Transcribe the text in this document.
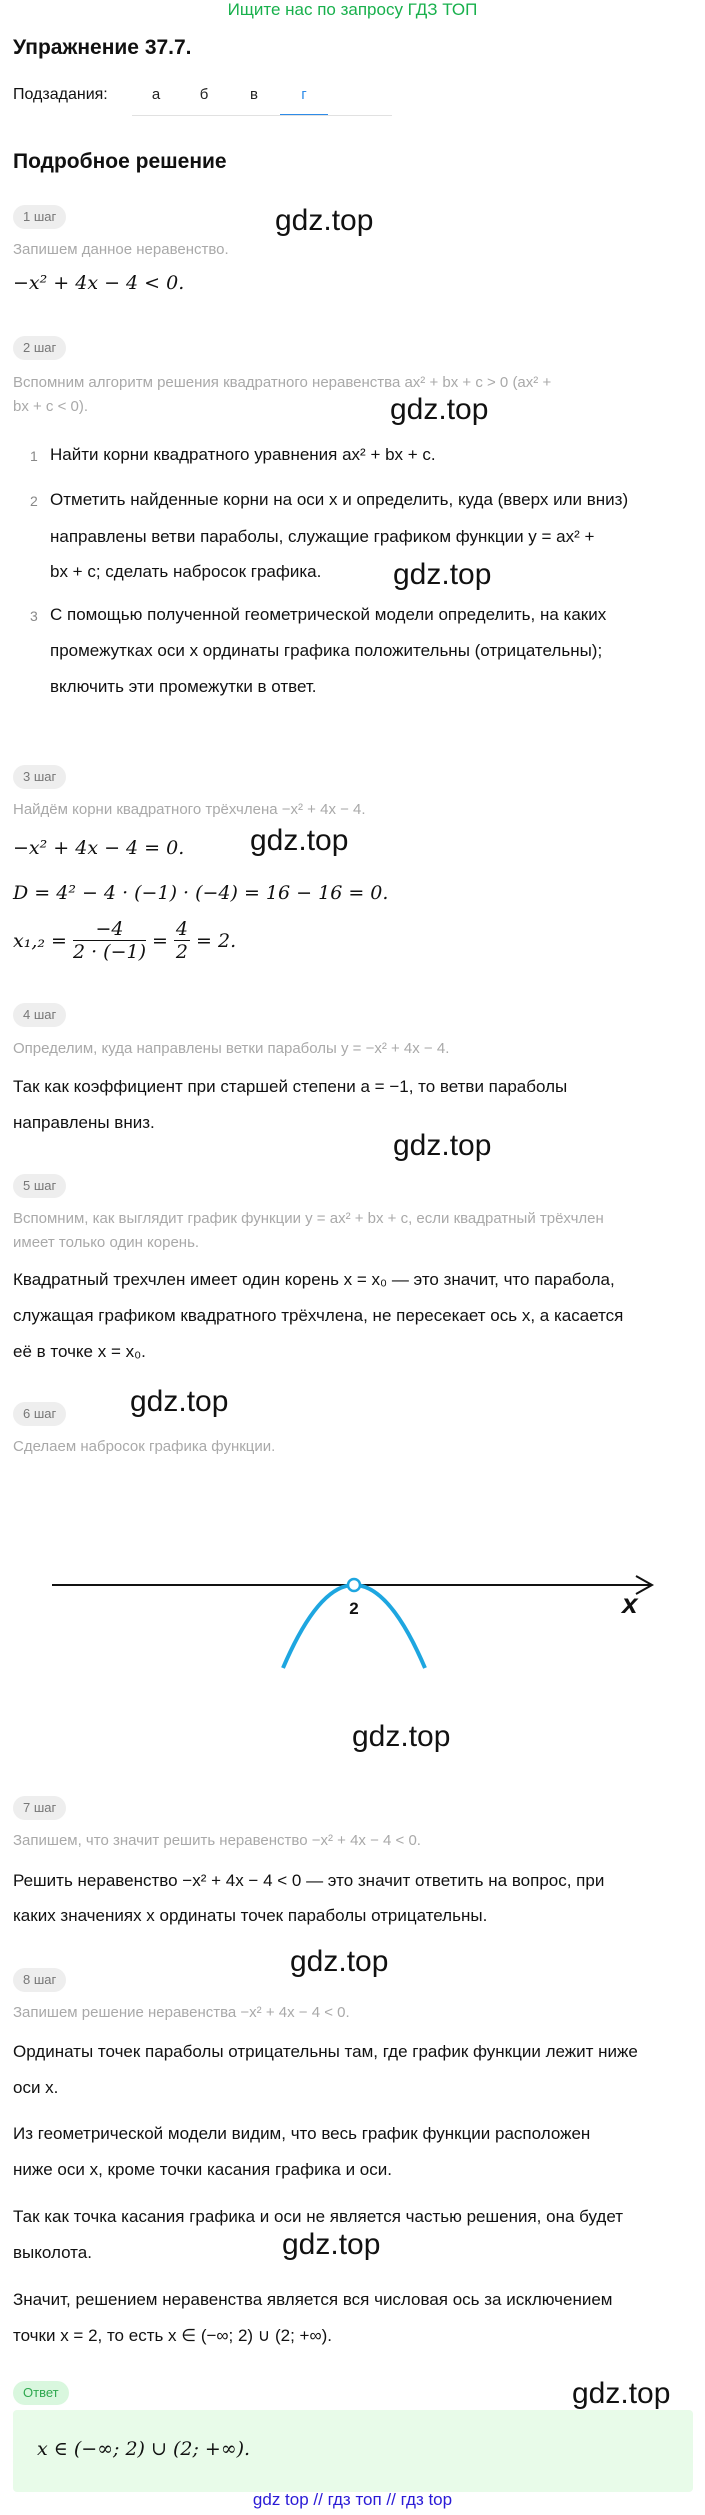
Ищите нас по запросу ГДЗ ТОП
Упражнение 37.7.
Подзадания:	а	б	в	г
Подробное решение
1 шаг	gdz.top
Запишем данное неравенство.
−x² + 4x − 4 < 0.
2 шаг
Вспомним алгоритм решения квадратного неравенства ax² + bx + c > 0 (ax² +
bx + c < 0).	gdz.top
1 Найти корни квадратного уравнения ax² + bx + c.
2 Отметить найденные корни на оси x и определить, куда (вверх или вниз)
направлены ветви параболы, служащие графиком функции y = ax² +
bx + c; сделать набросок графика. gdz.top
3 С помощью полученной геометрической модели определить, на каких
промежутках оси x ординаты графика положительны (отрицательны);
включить эти промежутки в ответ.
3 шаг
Найдём корни квадратного трёхчлена −x² + 4x − 4.
−x² + 4x − 4 = 0. gdz.top
D = 4² − 4 · (−1) · (−4) = 16 − 16 = 0.
$x_1,_2 = \frac{-4}{2 \cdot (-1)} = \frac{4}{2} = 2$.
4 шаг
Определим, куда направлены ветки параболы y = −x² + 4x − 4.
Так как коэффициент при старшей степени a = −1, то ветви параболы
направлены вниз.
gdz.top
5 шаг
Вспомним, как выглядит график функции y = ax² + bx + c, если квадратный трёхчлен
имеет только один корень.
Квадратный трехчлен имеет один корень x = x₀ — это значит, что парабола,
служащая графиком квадратного трёхчлена, не пересекает ось x, а касается
её в точке x = x₀.
6 шаг	gdz.top
Сделаем набросок графика функции.
2	x
gdz.top
7 шаг
Запишем, что значит решить неравенство −x² + 4x − 4 < 0.
Решить неравенство −x² + 4x − 4 < 0 — это значит ответить на вопрос, при
каких значениях x ординаты точек параболы отрицательны.
gdz.top
8 шаг
Запишем решение неравенства −x² + 4x − 4 < 0.
Ординаты точек параболы отрицательны там, где график функции лежит ниже
оси x.
Из геометрической модели видим, что весь график функции расположен
ниже оси x, кроме точки касания графика и оси.
Так как точка касания графика и оси не является частью решения, она будет
выколота.	gdz.top
Значит, решением неравенства является вся числовая ось за исключением
точки x = 2, то есть x ∈ (−∞; 2) ∪ (2; +∞).
Ответ	gdz.top
x ∈ (−∞; 2) ∪ (2; +∞).
gdz top // гдз топ // гдз top
